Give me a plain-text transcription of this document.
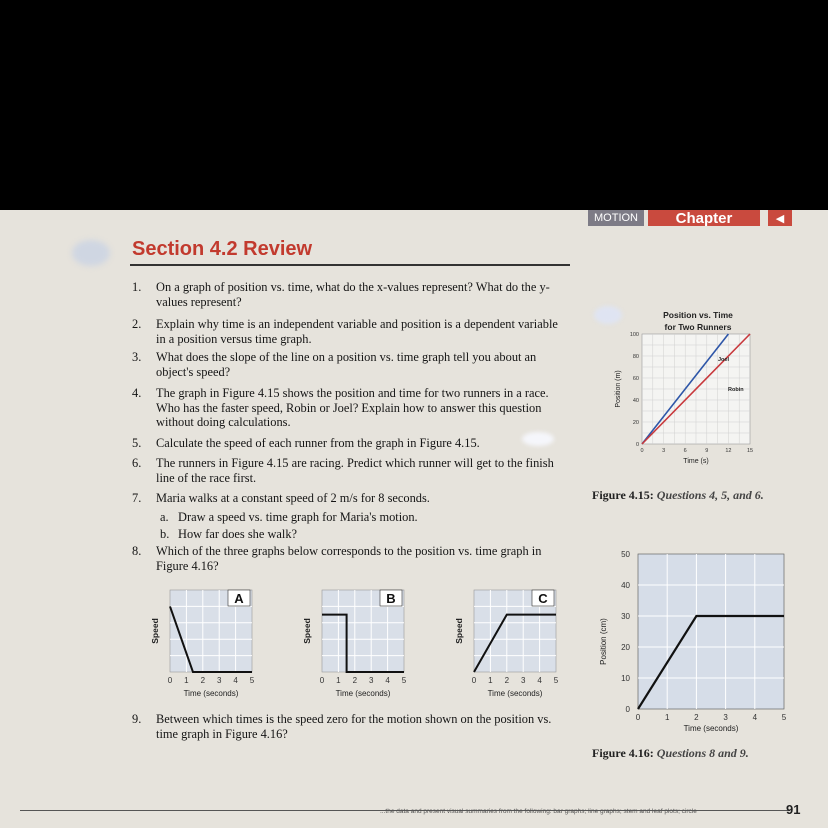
MOTION	Chapter	◀
Section 4.2 Review
1.	On a graph of position vs. time, what do the x-values represent? What do the y-values represent?
2.	Explain why time is an independent variable and position is a dependent variable in a position versus time graph.
3.	What does the slope of the line on a position vs. time graph tell you about an object's speed?
4.	The graph in Figure 4.15 shows the position and time for two runners in a race. Who has the faster speed, Robin or Joel? Explain how to answer this question without doing calculations.
5.	Calculate the speed of each runner from the graph in Figure 4.15.
6.	The runners in Figure 4.15 are racing. Predict which runner will get to the finish line of the race first.
7.	Maria walks at a constant speed of 2 m/s for 8 seconds.
a. Draw a speed vs. time graph for Maria's motion.
b. How far does she walk?
8.	Which of the three graphs below corresponds to the position vs. time graph in Figure 4.16?
9.	Between which times is the speed zero for the motion shown on the position vs. time graph in Figure 4.16?
A
0 1 2 3 4 5
Time (seconds)
Speed
B
0 1 2 3 4 5
Time (seconds)
Speed
C
0 1 2 3 4 5
Time (seconds)
Speed
Position vs. Time
for Two Runners
0
20
40
60
80
100
0	3	6	9	12	15
Time (s)
Position (m)
Joel
Robin
Figure 4.15: Questions 4, 5, and 6.
0
10
20
30
40
50
0	1	2	3	4	5
Time (seconds)
Position (cm)
Figure 4.16: Questions 8 and 9.
...the data and present visual summaries from the following: bar graphs; line graphs; stem and leaf plots; circle	91
